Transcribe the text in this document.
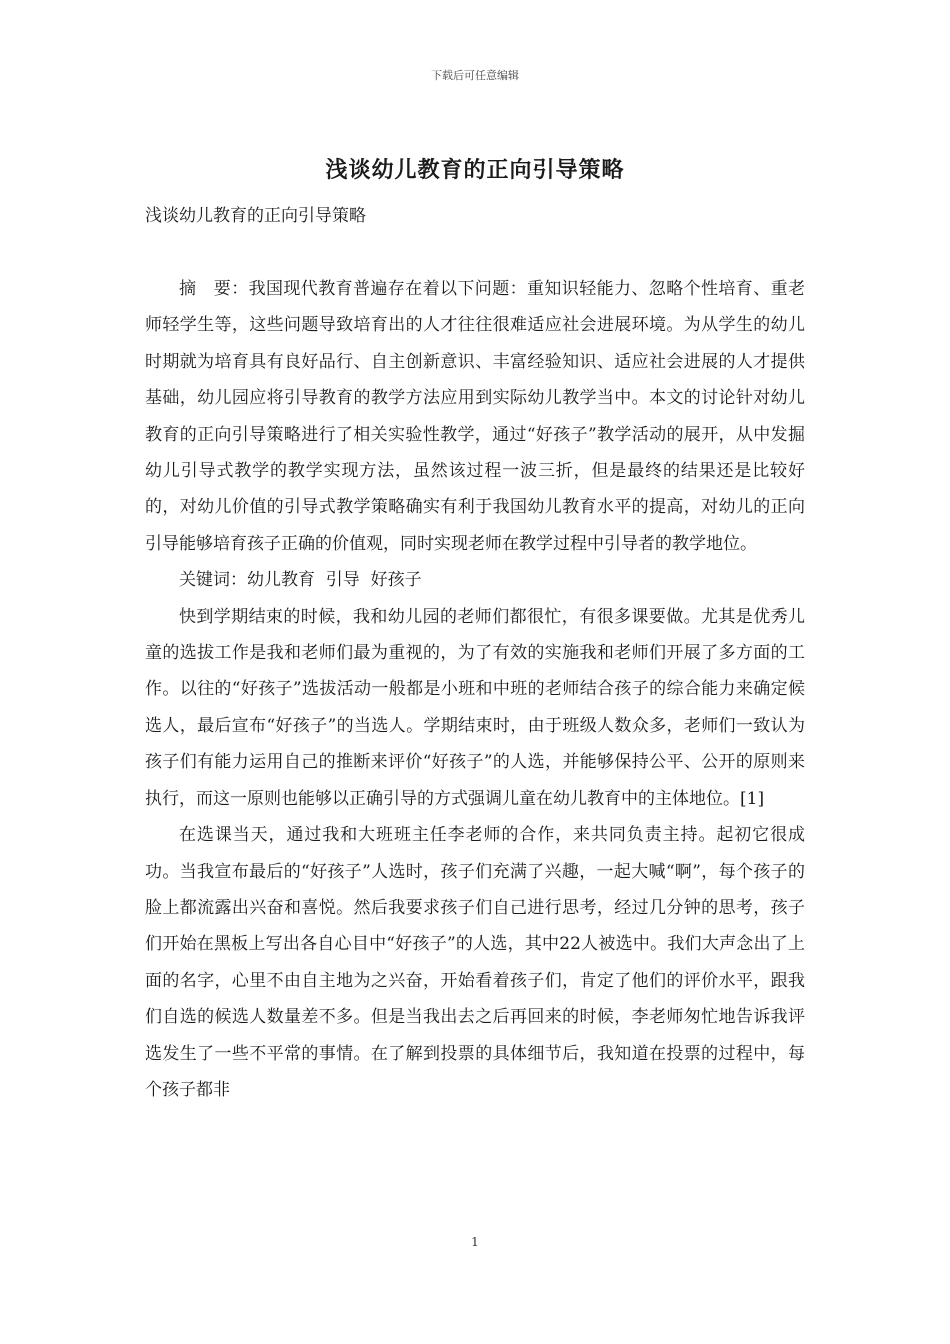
下载后可任意编辑
浅谈幼儿教育的正向引导策略
浅谈幼儿教育的正向引导策略

摘　要：我国现代教育普遍存在着以下问题：重知识轻能力、忽略个性培育、重老师轻学生等，这些问题导致培育出的人才往往很难适应社会进展环境。为从学生的幼儿时期就为培育具有良好品行、自主创新意识、丰富经验知识、适应社会进展的人才提供基础，幼儿园应将引导教育的教学方法应用到实际幼儿教学当中。本文的讨论针对幼儿教育的正向引导策略进行了相关实验性教学，通过“好孩子”教学活动的展开，从中发掘幼儿引导式教学的教学实现方法，虽然该过程一波三折，但是最终的结果还是比较好的，对幼儿价值的引导式教学策略确实有利于我国幼儿教育水平的提高，对幼儿的正向引导能够培育孩子正确的价值观，同时实现老师在教学过程中引导者的教学地位。

关键词：幼儿教育  引导  好孩子

快到学期结束的时候，我和幼儿园的老师们都很忙，有很多课要做。尤其是优秀儿童的选拔工作是我和老师们最为重视的，为了有效的实施我和老师们开展了多方面的工作。以往的“好孩子”选拔活动一般都是小班和中班的老师结合孩子的综合能力来确定候选人，最后宣布“好孩子”的当选人。学期结束时，由于班级人数众多，老师们一致认为孩子们有能力运用自己的推断来评价“好孩子”的人选，并能够保持公平、公开的原则来执行，而这一原则也能够以正确引导的方式强调儿童在幼儿教育中的主体地位。[1]

在选课当天，通过我和大班班主任李老师的合作，来共同负责主持。起初它很成功。当我宣布最后的“好孩子”人选时，孩子们充满了兴趣，一起大喊“啊”，每个孩子的脸上都流露出兴奋和喜悦。然后我要求孩子们自己进行思考，经过几分钟的思考，孩子们开始在黑板上写出各自心目中“好孩子”的人选，其中22人被选中。我们大声念出了上面的名字，心里不由自主地为之兴奋，开始看着孩子们，肯定了他们的评价水平，跟我们自选的候选人数量差不多。但是当我出去之后再回来的时候，李老师匆忙地告诉我评选发生了一些不平常的事情。在了解到投票的具体细节后，我知道在投票的过程中，每个孩子都非

1
